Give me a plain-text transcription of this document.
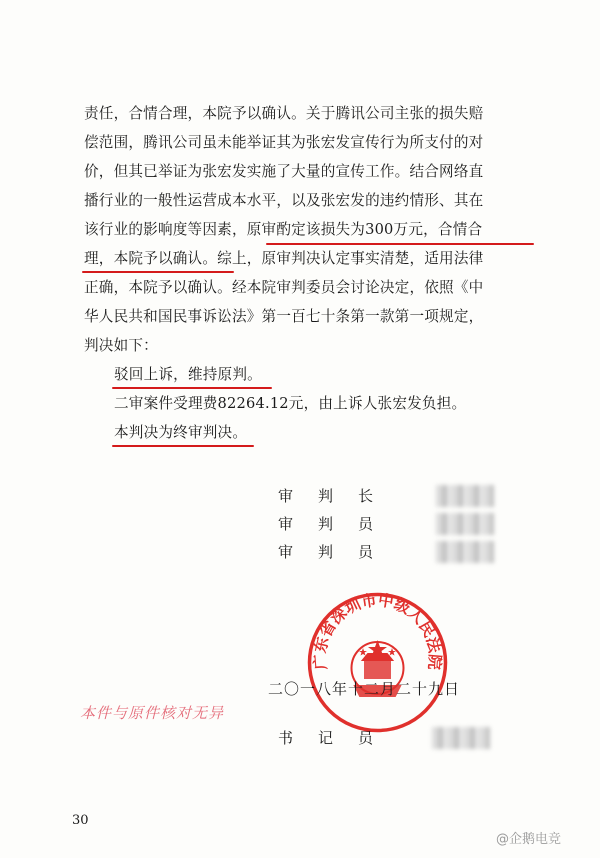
责任，合情合理，本院予以确认。关于腾讯公司主张的损失赔
偿范围，腾讯公司虽未能举证其为张宏发宣传行为所支付的对
价，但其已举证为张宏发实施了大量的宣传工作。结合网络直
播行业的一般性运营成本水平，以及张宏发的违约情形、其在
该行业的影响度等因素，原审酌定该损失为300万元，合情合
理，本院予以确认。综上，原审判决认定事实清楚，适用法律
正确，本院予以确认。经本院审判委员会讨论决定，依照《中
华人民共和国民事诉讼法》第一百七十条第一款第一项规定，
判决如下：
驳回上诉，维持原判。
二审案件受理费82264.12元，由上诉人张宏发负担。
本判决为终审判决。
审 判 长
审 判 员
审 判 员
广东省深圳市中级人民法院
二〇一八年十二月二十九日
本件与原件核对无异
书 记 员
30
@企鹅电竞
